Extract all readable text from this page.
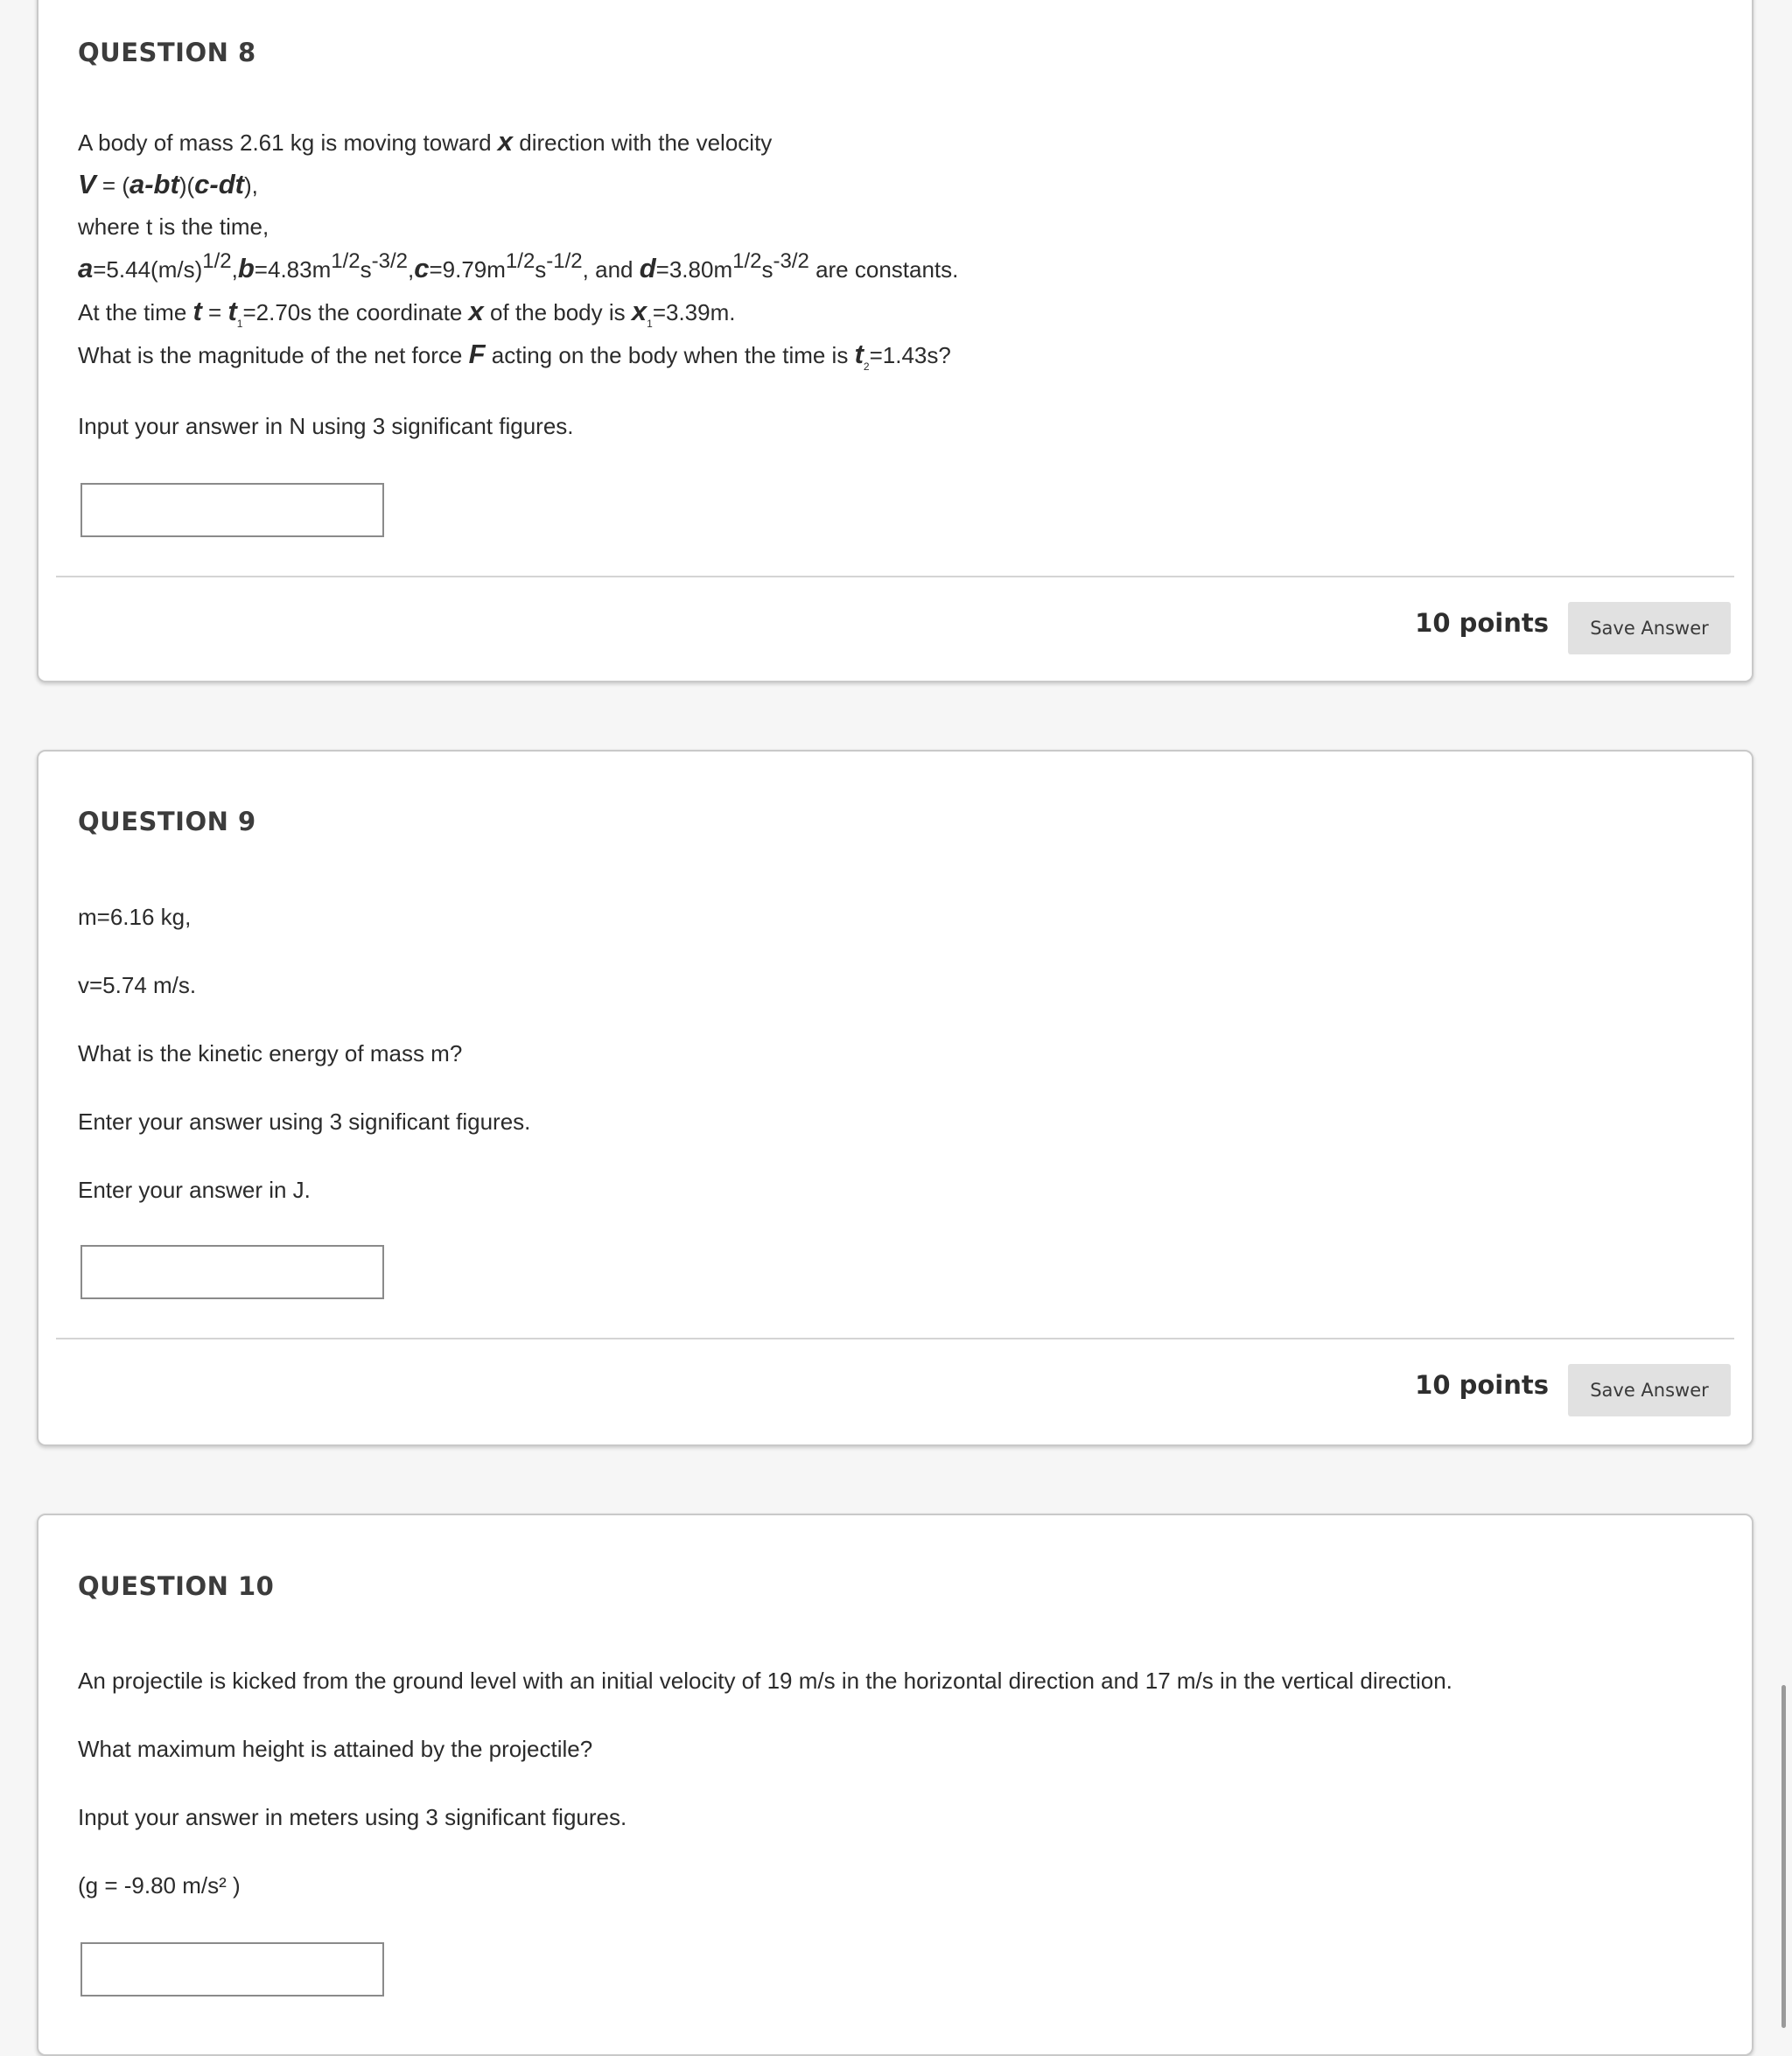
QUESTION 8

A body of mass 2.61 kg is moving toward x direction with the velocity

V = (a-bt)(c-dt),

where t is the time,

$a=5.44(m/s)^{1/2},b=4.83m^{1/2}s^{-3/2},c=9.79m^{1/2}s^{-1/2}$, and $d=3.80m^{1/2}s^{-3/2}$ are constants.

At the time $t = t_1=2.70s$ the coordinate x of the body is $x_1=3.39m$.

What is the magnitude of the net force F acting on the body when the time is $t_2=1.43s$?

Input your answer in N using 3 significant figures.

10 points	Save Answer
QUESTION 9

m=6.16 kg,

v=5.74 m/s.

What is the kinetic energy of mass m?

Enter your answer using 3 significant figures.

Enter your answer in J.

10 points	Save Answer
QUESTION 10

An projectile is kicked from the ground level with an initial velocity of 19 m/s in the horizontal direction and 17 m/s in the vertical direction.

What maximum height is attained by the projectile?

Input your answer in meters using 3 significant figures.

(g = -9.80 m/s² )
